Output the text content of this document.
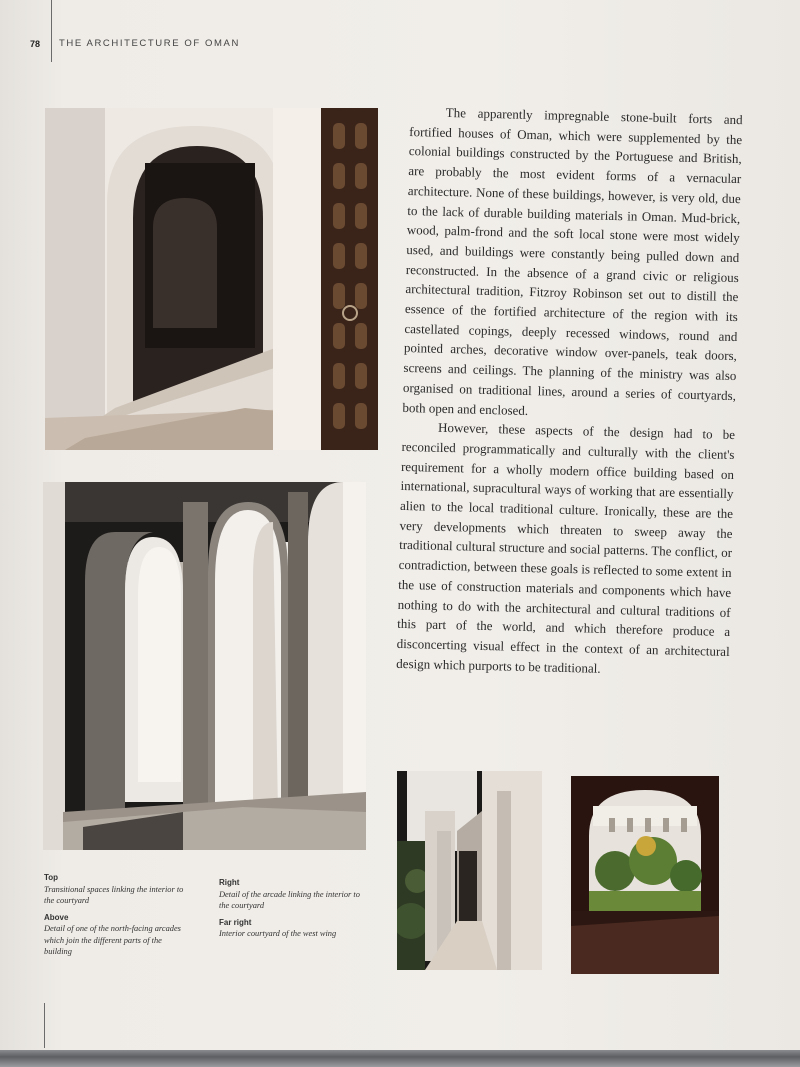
78 THE ARCHITECTURE OF OMAN

The apparently impregnable stone-built forts and fortified houses of Oman, which were supplemented by the colonial buildings constructed by the Portuguese and British, are probably the most evident forms of a vernacular architecture. None of these buildings, however, is very old, due to the lack of durable building materials in Oman. Mud-brick, wood, palm-frond and the soft local stone were most widely used, and buildings were constantly being pulled down and reconstructed. In the absence of a grand civic or religious architectural tradition, Fitzroy Robinson set out to distill the essence of the fortified architecture of the region with its castellated copings, deeply recessed windows, round and pointed arches, decorative window over-panels, teak doors, screens and ceilings. The planning of the ministry was also organised on traditional lines, around a series of courtyards, both open and enclosed.

However, these aspects of the design had to be reconciled programmatically and culturally with the client's requirement for a wholly modern office building based on international, supracultural ways of working that are essentially alien to the local traditional culture. Ironically, these are the very developments which threaten to sweep away the traditional cultural structure and social patterns. The conflict, or contradiction, between these goals is reflected to some extent in the use of construction materials and components which have nothing to do with the architectural and cultural traditions of this part of the world, and which therefore produce a disconcerting visual effect in the context of an architectural design which purports to be traditional.

Top
Transitional spaces linking the interior to the courtyard
Above
Detail of one of the north-facing arcades which join the different parts of the building
Right
Detail of the arcade linking the interior to the courtyard
Far right
Interior courtyard of the west wing
